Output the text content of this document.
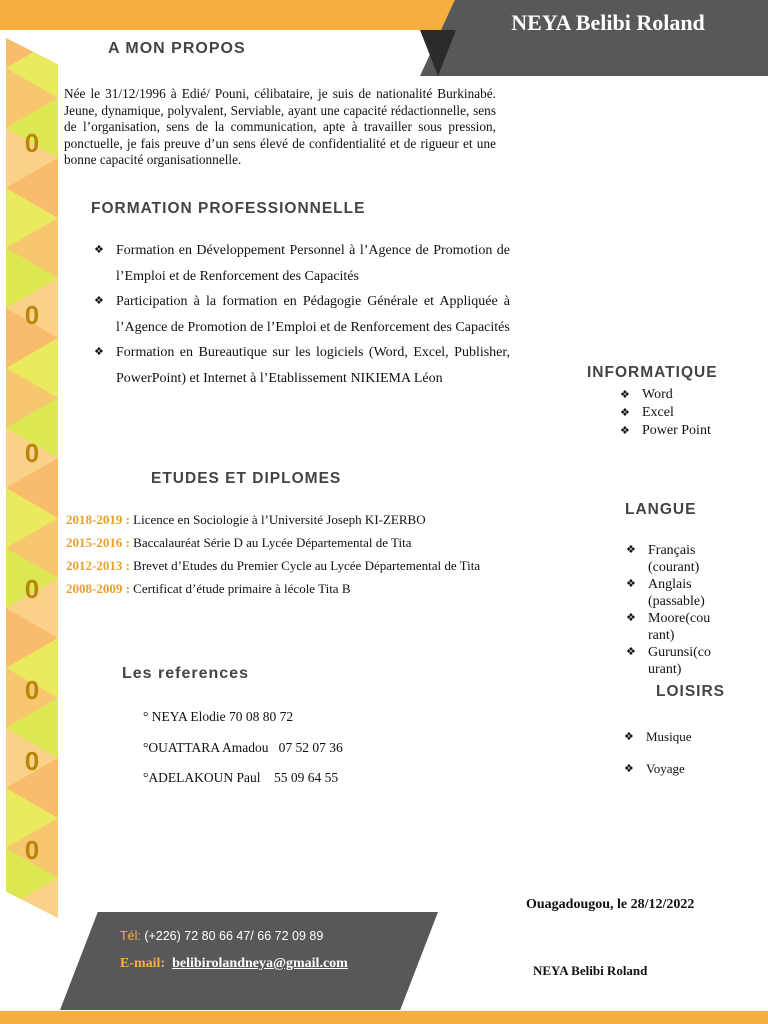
NEYA Belibi Roland
0
0
0
0
0
0
0
A MON PROPOS

Née le 31/12/1996 à Edié/ Pouni, célibataire, je suis de nationalité Burkinabé. Jeune, dynamique, polyvalent, Serviable, ayant une capacité rédactionnelle, sens de l’organisation, sens de la communication, apte à travailler sous pression, ponctuelle, je fais preuve d’un sens élevé de confidentialité et de rigueur et une bonne capacité organisationnelle.

FORMATION PROFESSIONNELLE
❖ Formation en Développement Personnel à l’Agence de Promotion de l’Emploi et de Renforcement des Capacités
❖ Participation à la formation en Pédagogie Générale et Appliquée à l’Agence de Promotion de l’Emploi et de Renforcement des Capacités
❖ Formation en Bureautique sur les logiciels (Word, Excel, Publisher, PowerPoint) et Internet à l’Etablissement NIKIEMA Léon
ETUDES ET DIPLOMES
2018-2019 : Licence en Sociologie à l’Université Joseph KI-ZERBO
2015-2016 : Baccalauréat Série D au Lycée Départemental de Tita
2012-2013 : Brevet d’Etudes du Premier Cycle au Lycée Départemental de Tita
2008-2009 : Certificat d’étude primaire à lécole Tita B
Les references
° NEYA Elodie 70 08 80 72
°OUATTARA Amadou   07 52 07 36
°ADELAKOUN Paul    55 09 64 55
INFORMATIQUE
❖ Word
❖ Excel
❖ Power Point
LANGUE
❖ Français (courant)
❖ Anglais (passable)
❖ Moore(cou rant)
❖ Gurunsi(co urant)
LOISIRS
❖ Musique
❖ Voyage
Ouagadougou, le 28/12/2022
NEYA Belibi Roland
Tél: (+226) 72 80 66 47/ 66 72 09 89
E-mail: belibirolandneya@gmail.com
